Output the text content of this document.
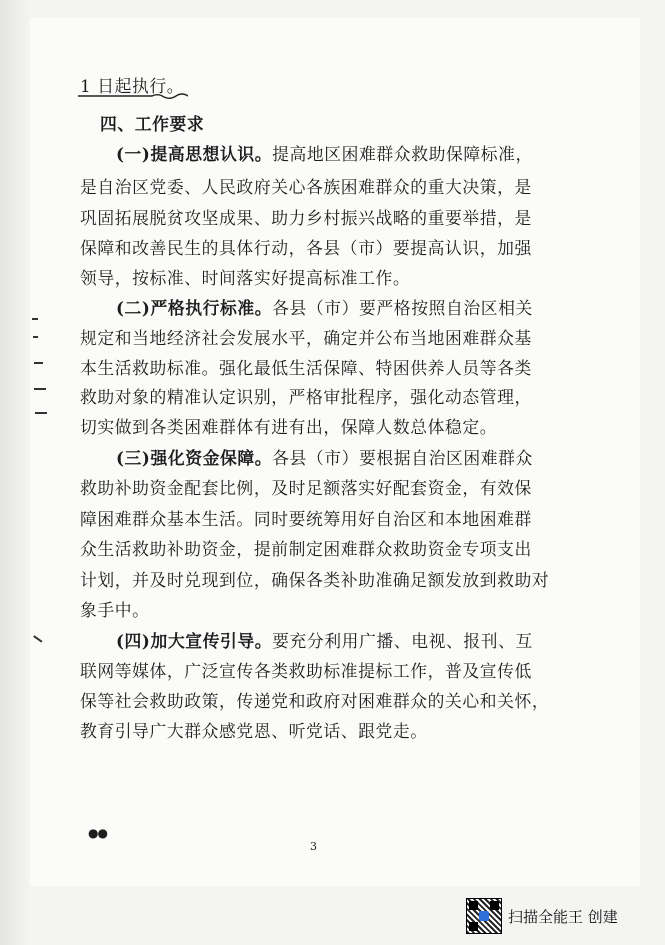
1 日起执行。
四、工作要求
(一)提高思想认识。提高地区困难群众救助保障标准，
是自治区党委、人民政府关心各族困难群众的重大决策，是
巩固拓展脱贫攻坚成果、助力乡村振兴战略的重要举措，是
保障和改善民生的具体行动，各县（市）要提高认识，加强
领导，按标准、时间落实好提高标准工作。
(二)严格执行标准。各县（市）要严格按照自治区相关
规定和当地经济社会发展水平，确定并公布当地困难群众基
本生活救助标准。强化最低生活保障、特困供养人员等各类
救助对象的精准认定识别，严格审批程序，强化动态管理，
切实做到各类困难群体有进有出，保障人数总体稳定。
(三)强化资金保障。各县（市）要根据自治区困难群众
救助补助资金配套比例，及时足额落实好配套资金，有效保
障困难群众基本生活。同时要统筹用好自治区和本地困难群
众生活救助补助资金，提前制定困难群众救助资金专项支出
计划，并及时兑现到位，确保各类补助准确足额发放到救助对
象手中。
(四)加大宣传引导。要充分利用广播、电视、报刊、互
联网等媒体，广泛宣传各类救助标准提标工作，普及宣传低
保等社会救助政策，传递党和政府对困难群众的关心和关怀，
教育引导广大群众感党恩、听党话、跟党走。
●●
3
扫描全能王 创建
